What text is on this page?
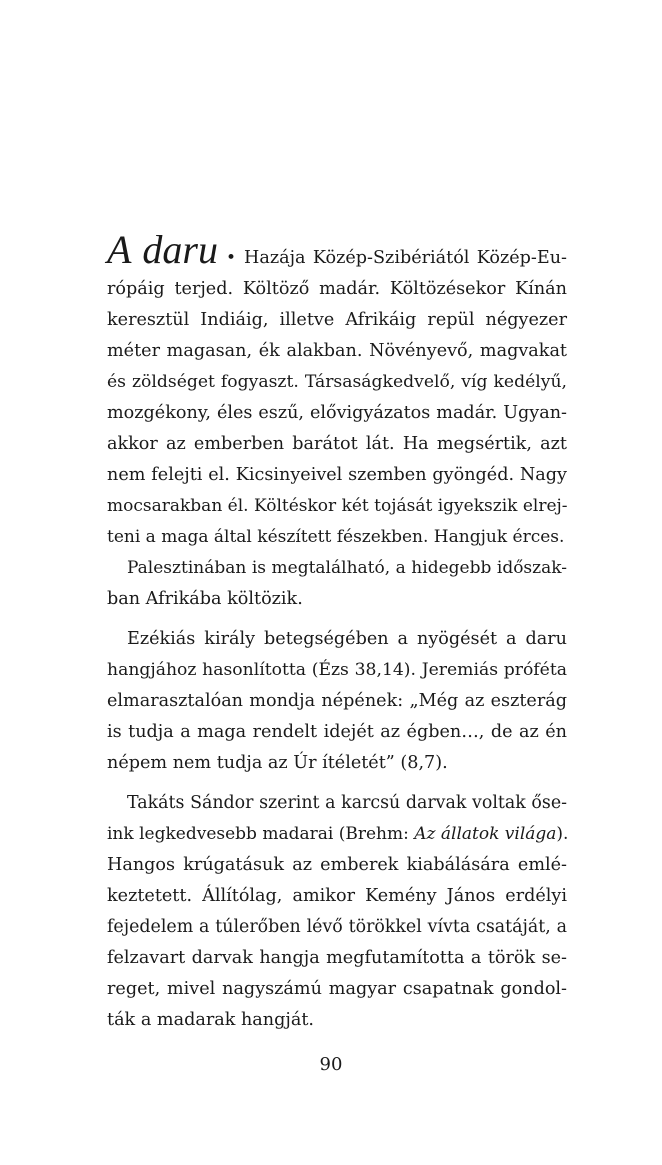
A daru • Hazája Közép-Szibériától Közép-Eu-
rópáig terjed. Költöző madár. Költözésekor Kínán
keresztül Indiáig, illetve Afrikáig repül négyezer
méter magasan, ék alakban. Növényevő, magvakat
és zöldséget fogyaszt. Társaságkedvelő, víg kedélyű,
mozgékony, éles eszű, elővigyázatos madár. Ugyan-
akkor az emberben barátot lát. Ha megsértik, azt
nem felejti el. Kicsinyeivel szemben gyöngéd. Nagy
mocsarakban él. Költéskor két tojását igyekszik elrej-
teni a maga által készített fészekben. Hangjuk érces.
Palesztinában is megtalálható, a hidegebb időszak-
ban Afrikába költözik.
Ezékiás király betegségében a nyögését a daru
hangjához hasonlította (Ézs 38,14). Jeremiás próféta
elmarasztalóan mondja népének: „Még az eszterág
is tudja a maga rendelt idejét az égben…, de az én
népem nem tudja az Úr ítéletét” (8,7).
Takáts Sándor szerint a karcsú darvak voltak őse-
ink legkedvesebb madarai (Brehm: Az állatok világa).
Hangos krúgatásuk az emberek kiabálására emlé-
keztetett. Állítólag, amikor Kemény János erdélyi
fejedelem a túlerőben lévő törökkel vívta csatáját, a
felzavart darvak hangja megfutamította a török se-
reget, mivel nagyszámú magyar csapatnak gondol-
ták a madarak hangját.
90
